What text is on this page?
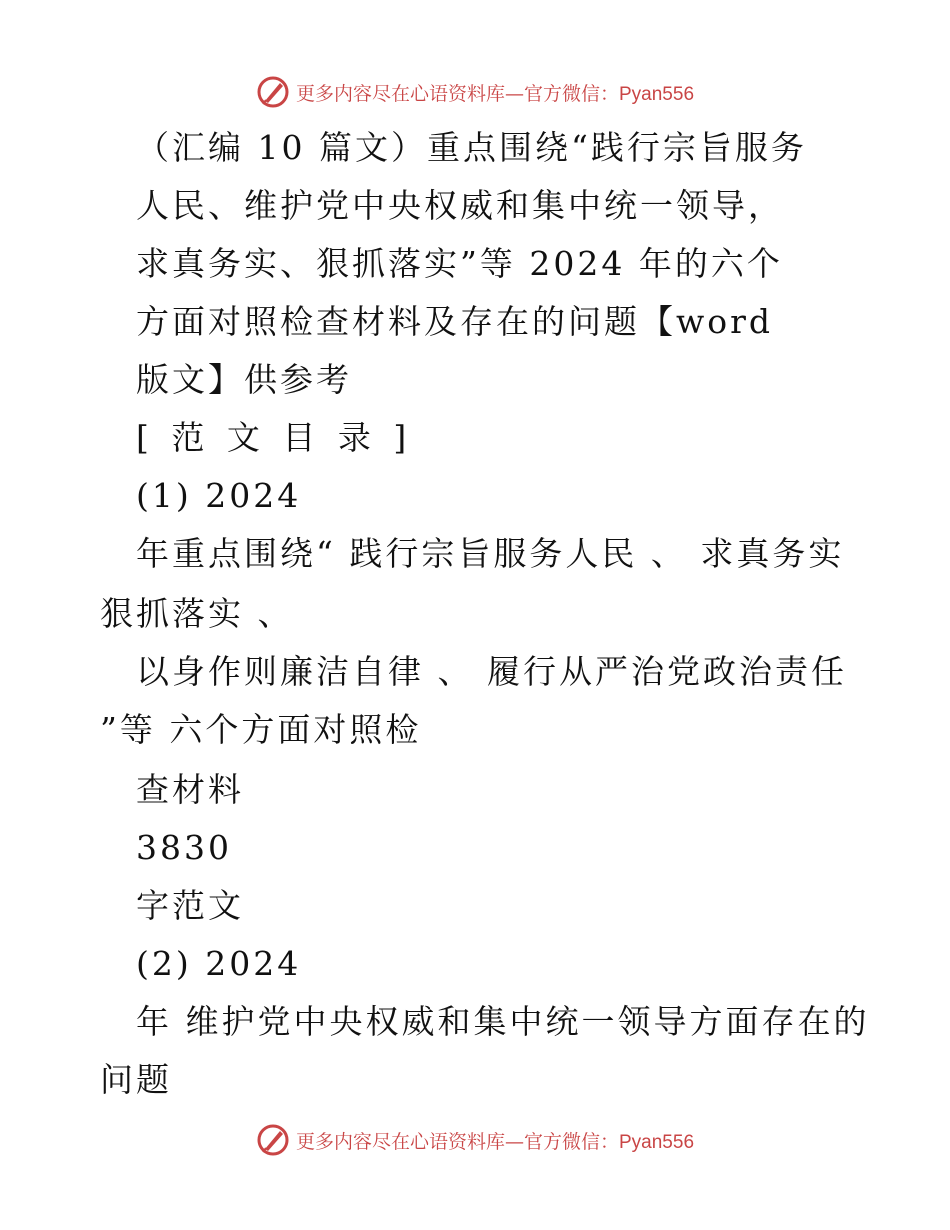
更多内容尽在心语资料库—官方微信：Pyan556
（汇编 10 篇文）重点围绕“践行宗旨服务
人民、维护党中央权威和集中统一领导，
求真务实、狠抓落实”等 2024 年的六个
方面对照检查材料及存在的问题【word
版文】供参考
[ 范 文 目 录 ]
(1) 2024
年重点围绕“ 践行宗旨服务人民 、 求真务实
狠抓落实 、
以身作则廉洁自律 、 履行从严治党政治责任
”等 六个方面对照检
查材料
3830
字范文
(2) 2024
年 维护党中央权威和集中统一领导方面存在的
问题
更多内容尽在心语资料库—官方微信：Pyan556
